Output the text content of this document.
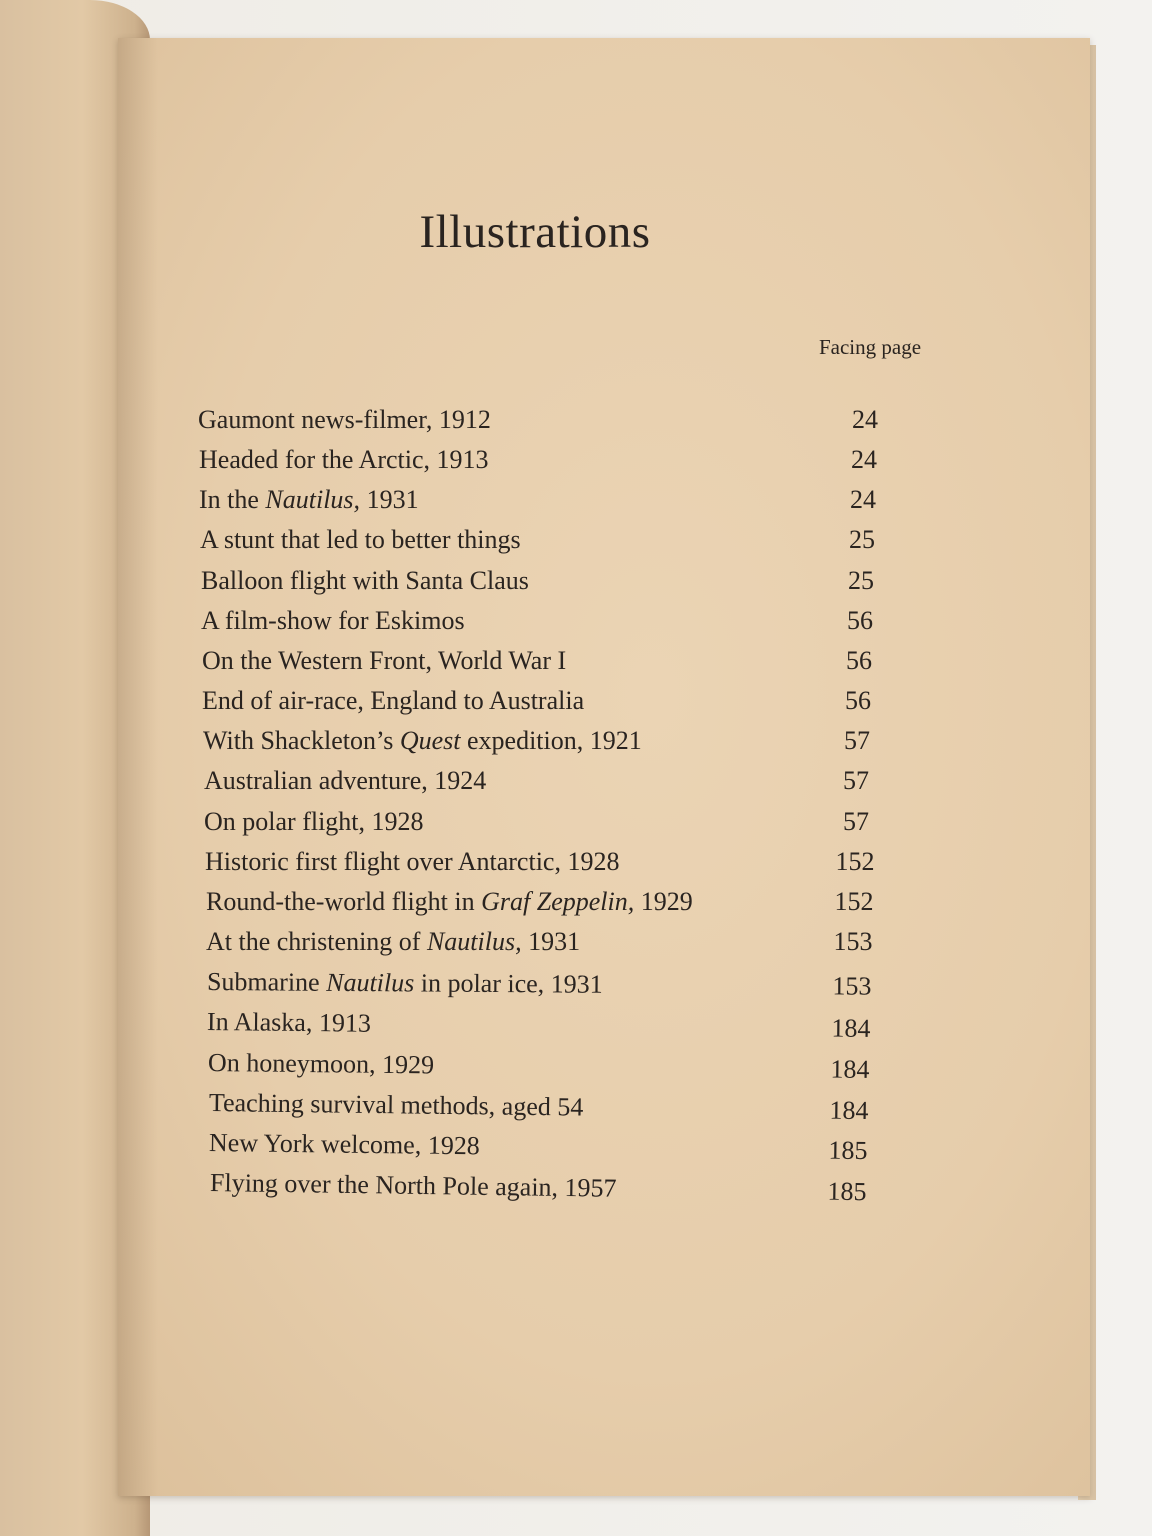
Illustrations
Facing page
Gaumont news-filmer, 1912	24
Headed for the Arctic, 1913	24
In the Nautilus, 1931	24
A stunt that led to better things	25
Balloon flight with Santa Claus	25
A film-show for Eskimos	56
On the Western Front, World War I	56
End of air-race, England to Australia	56
With Shackleton’s Quest expedition, 1921	57
Australian adventure, 1924	57
On polar flight, 1928	57
Historic first flight over Antarctic, 1928	152
Round-the-world flight in Graf Zeppelin, 1929	152
At the christening of Nautilus, 1931	153
Submarine Nautilus in polar ice, 1931	153
In Alaska, 1913	184
On honeymoon, 1929	184
Teaching survival methods, aged 54	184
New York welcome, 1928	185
Flying over the North Pole again, 1957	185
